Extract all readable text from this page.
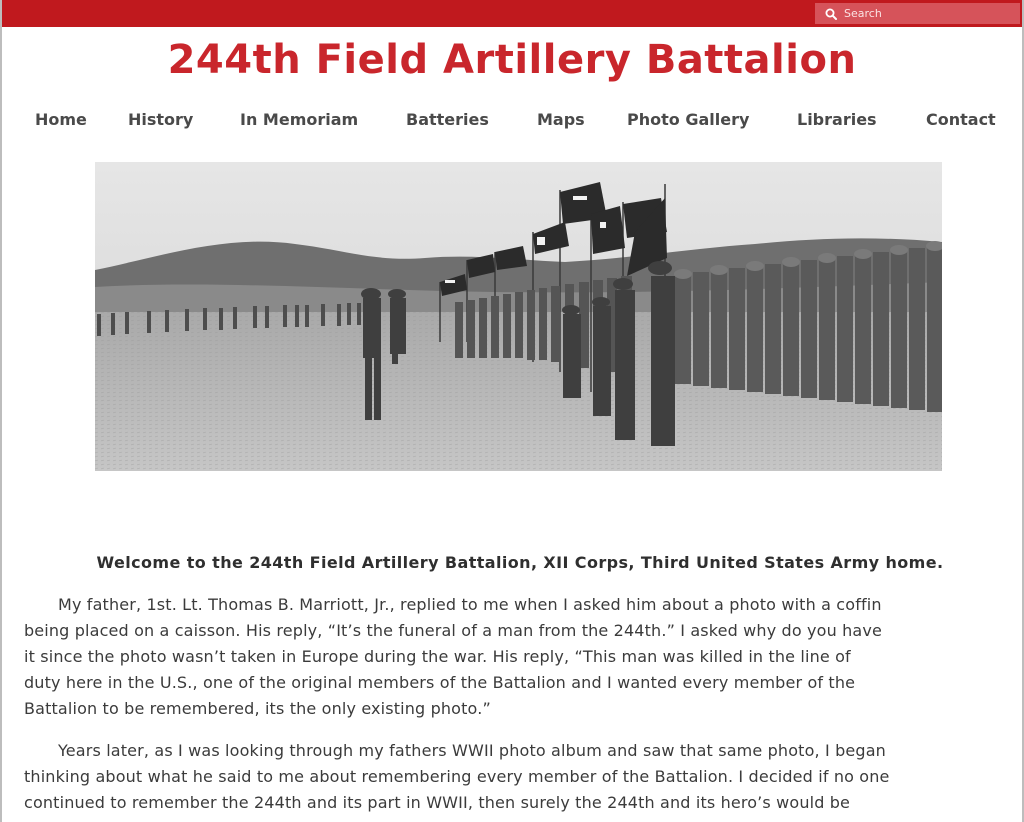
Search
244th Field Artillery Battalion
Home	History	In Memoriam	Batteries	Maps	Photo Gallery	Libraries	Contact

Welcome to the 244th Field Artillery Battalion, XII Corps, Third United States Army home.

My father, 1st. Lt. Thomas B. Marriott, Jr., replied to me when I asked him about a photo with a coffin
being placed on a caisson. His reply, “It’s the funeral of a man from the 244th.” I asked why do you have
it since the photo wasn’t taken in Europe during the war. His reply, “This man was killed in the line of
duty here in the U.S., one of the original members of the Battalion and I wanted every member of the
Battalion to be remembered, its the only existing photo.”

Years later, as I was looking through my fathers WWII photo album and saw that same photo, I began
thinking about what he said to me about remembering every member of the Battalion. I decided if no one
continued to remember the 244th and its part in WWII, then surely the 244th and its hero’s would be
